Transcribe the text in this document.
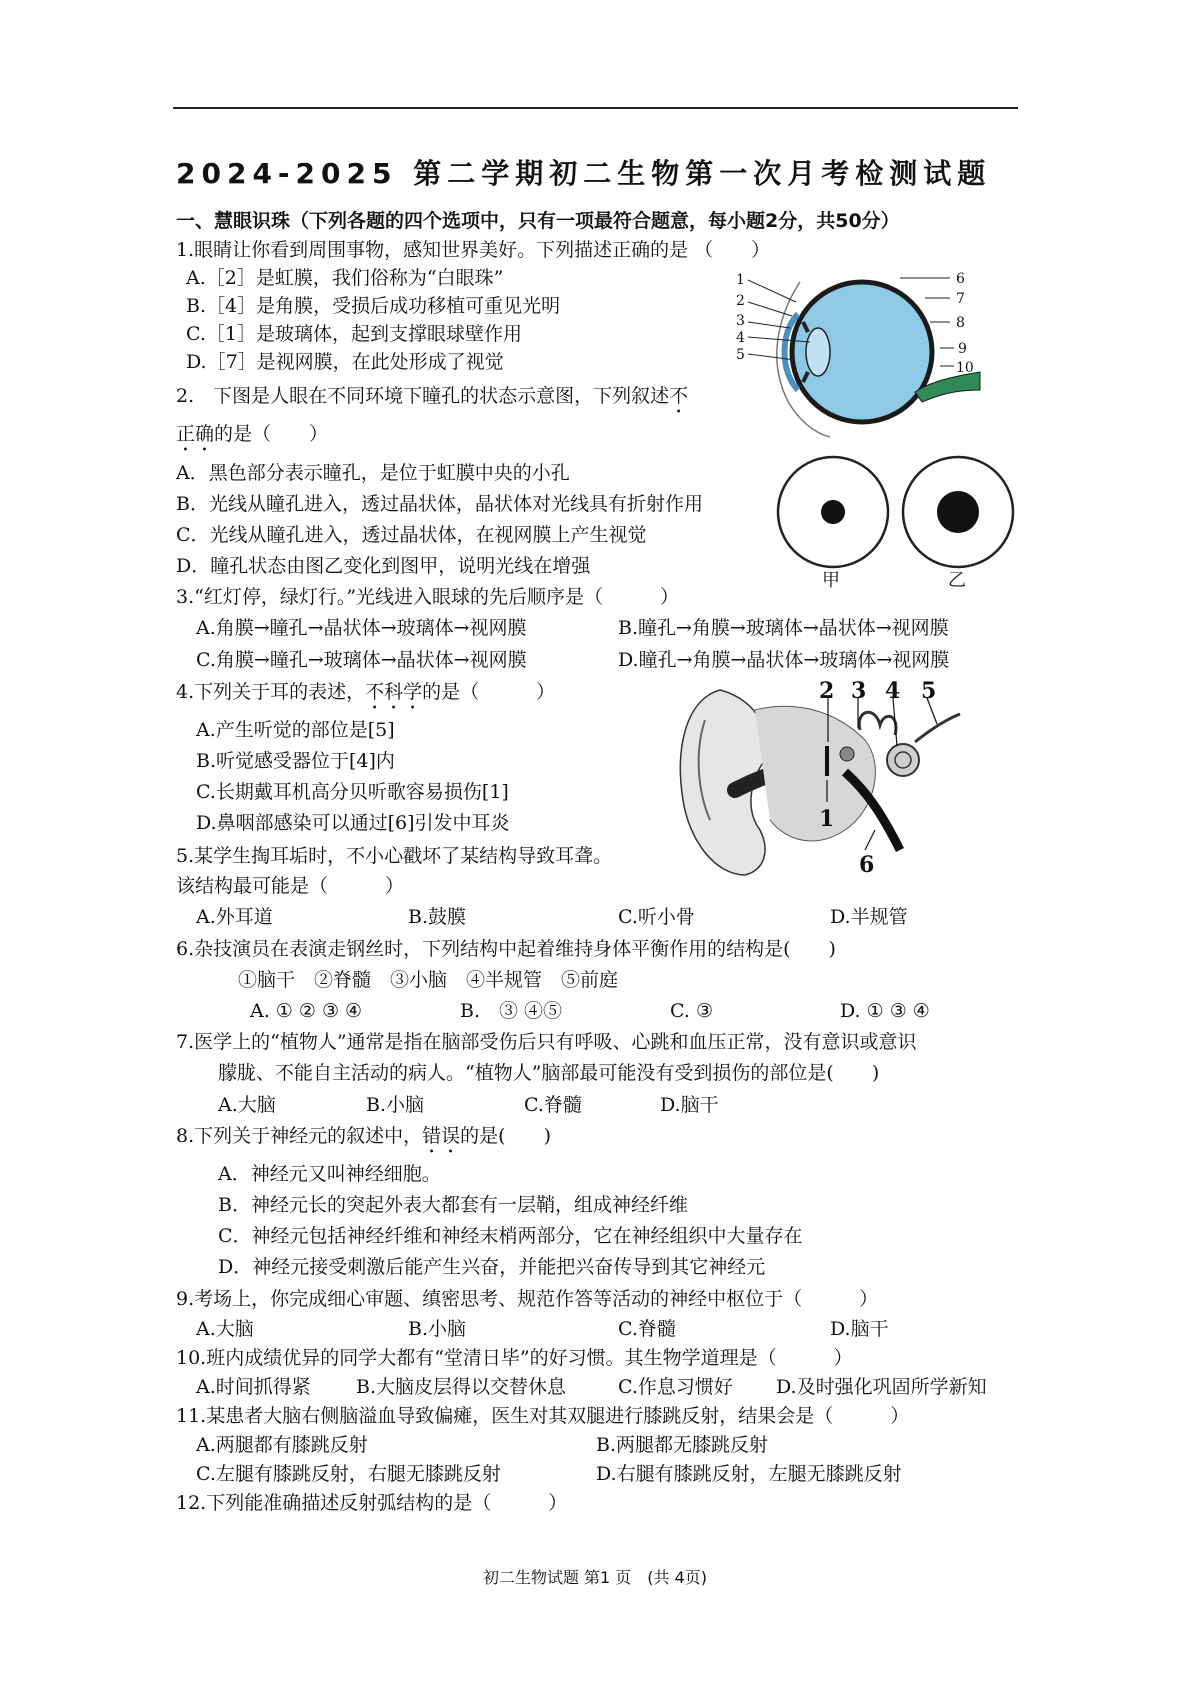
2024-2025 第二学期初二生物第一次月考检测试题
一、慧眼识珠（下列各题的四个选项中，只有一项最符合题意，每小题2分，共50分）
1.眼睛让你看到周围事物，感知世界美好。下列描述正确的是 （　　）
A.［2］是虹膜，我们俗称为“白眼珠”
B.［4］是角膜，受损后成功移植可重见光明
C.［1］是玻璃体，起到支撑眼球壁作用
D.［7］是视网膜，在此处形成了视觉
1
2
3
4
5
6
7
8
9
10
2.　下图是人眼在不同环境下瞳孔的状态示意图，下列叙述不
正确的是（　　）
A．黑色部分表示瞳孔，是位于虹膜中央的小孔
B．光线从瞳孔进入，透过晶状体，晶状体对光线具有折射作用
C．光线从瞳孔进入，透过晶状体，在视网膜上产生视觉
D．瞳孔状态由图乙变化到图甲，说明光线在增强
甲	乙
3.“红灯停，绿灯行。”光线进入眼球的先后顺序是（　　　）
A.角膜→瞳孔→晶状体→玻璃体→视网膜	B.瞳孔→角膜→玻璃体→晶状体→视网膜
C.角膜→瞳孔→玻璃体→晶状体→视网膜	D.瞳孔→角膜→晶状体→玻璃体→视网膜
4.下列关于耳的表述，不科学的是（　　　）
A.产生听觉的部位是[5]
B.听觉感受器位于[4]内
C.长期戴耳机高分贝听歌容易损伤[1]
D.鼻咽部感染可以通过[6]引发中耳炎	1
2 3 4 5
6
5.某学生掏耳垢时，不小心戳坏了某结构导致耳聋。
该结构最可能是（　　　）
A.外耳道	B.鼓膜	C.听小骨	D.半规管
6.杂技演员在表演走钢丝时，下列结构中起着维持身体平衡作用的结构是(　　)
①脑干　②脊髓　③小脑　④半规管　⑤前庭
A. ① ② ③ ④	B.　③ ④⑤	C. ③	D. ① ③ ④
7.医学上的“植物人”通常是指在脑部受伤后只有呼吸、心跳和血压正常，没有意识或意识
朦胧、不能自主活动的病人。“植物人”脑部最可能没有受到损伤的部位是(　　)
A.大脑	B.小脑	C.脊髓	D.脑干
8.下列关于神经元的叙述中，错误的是(　　)
A．神经元又叫神经细胞。
B．神经元长的突起外表大都套有一层鞘，组成神经纤维
C．神经元包括神经纤维和神经末梢两部分，它在神经组织中大量存在
D．神经元接受刺激后能产生兴奋，并能把兴奋传导到其它神经元
9.考场上，你完成细心审题、缜密思考、规范作答等活动的神经中枢位于（　　　）
A.大脑	B.小脑	C.脊髓	D.脑干
10.班内成绩优异的同学大都有“堂清日毕”的好习惯。其生物学道理是（　　　）
A.时间抓得紧 B.大脑皮层得以交替休息	C.作息习惯好 D.及时强化巩固所学新知
11.某患者大脑右侧脑溢血导致偏瘫，医生对其双腿进行膝跳反射，结果会是（　　　）
A.两腿都有膝跳反射	B.两腿都无膝跳反射
C.左腿有膝跳反射，右腿无膝跳反射	D.右腿有膝跳反射，左腿无膝跳反射
12.下列能准确描述反射弧结构的是（　　　）
初二生物试题 第1 页　(共 4页)
